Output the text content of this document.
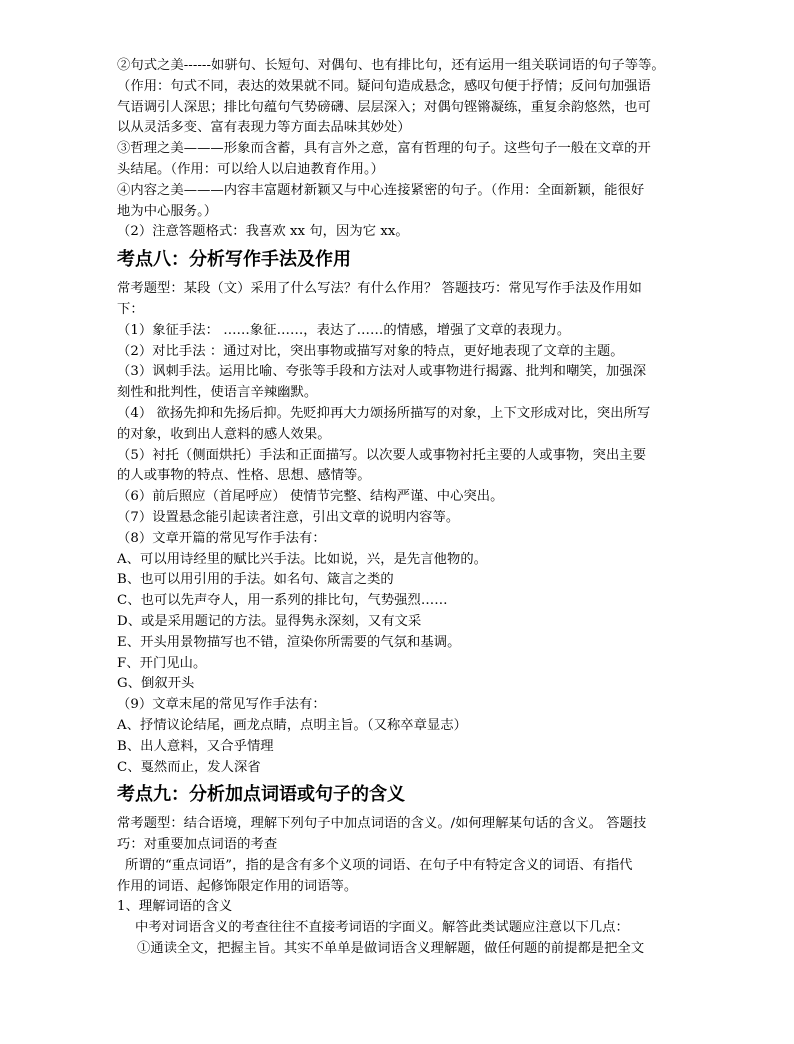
②句式之美------如骈句、长短句、对偶句、也有排比句，还有运用一组关联词语的句子等等。
（作用：句式不同，表达的效果就不同。疑问句造成悬念，感叹句便于抒情；反问句加强语
气语调引人深思；排比句蕴句气势磅礴、层层深入；对偶句铿锵凝练，重复余韵悠然，也可
以从灵活多变、富有表现力等方面去品味其妙处）
③哲理之美———形象而含蓄，具有言外之意，富有哲理的句子。这些句子一般在文章的开
头结尾。（作用：可以给人以启迪教育作用。）
④内容之美———内容丰富题材新颖又与中心连接紧密的句子。（作用：全面新颖，能很好
地为中心服务。）
（2）注意答题格式：我喜欢 xx 句，因为它 xx。
考点八：分析写作手法及作用
常考题型：某段（文）采用了什么写法？有什么作用？ 答题技巧：常见写作手法及作用如
下：
（1）象征手法： ……象征……，表达了……的情感，增强了文章的表现力。
（2）对比手法 ：通过对比，突出事物或描写对象的特点，更好地表现了文章的主题。
（3）讽刺手法。运用比喻、夸张等手段和方法对人或事物进行揭露、批判和嘲笑，加强深
刻性和批判性，使语言辛辣幽默。
（4） 欲扬先抑和先扬后抑。先贬抑再大力颂扬所描写的对象，上下文形成对比，突出所写
的对象，收到出人意料的感人效果。
（5）衬托（侧面烘托）手法和正面描写。以次要人或事物衬托主要的人或事物，突出主要
的人或事物的特点、性格、思想、感情等。
（6）前后照应（首尾呼应） 使情节完整、结构严谨、中心突出。
（7）设置悬念能引起读者注意，引出文章的说明内容等。
（8）文章开篇的常见写作手法有：
A、可以用诗经里的赋比兴手法。比如说，兴，是先言他物的。
B、也可以用引用的手法。如名句、箴言之类的
C、也可以先声夺人，用一系列的排比句，气势强烈……
D、或是采用题记的方法。显得隽永深刻，又有文采
E、开头用景物描写也不错，渲染你所需要的气氛和基调。
F、开门见山。
G、倒叙开头
（9）文章末尾的常见写作手法有：
A、抒情议论结尾，画龙点睛，点明主旨。（又称卒章显志）
B、出人意料，又合乎情理
C、戛然而止，发人深省
考点九：分析加点词语或句子的含义
常考题型：结合语境，理解下列句子中加点词语的含义。/如何理解某句话的含义。 答题技
巧：对重要加点词语的考查
所谓的“重点词语”，指的是含有多个义项的词语、在句子中有特定含义的词语、有指代
作用的词语、起修饰限定作用的词语等。
1、理解词语的含义
中考对词语含义的考查往往不直接考词语的字面义。解答此类试题应注意以下几点：
①通读全文，把握主旨。其实不单单是做词语含义理解题，做任何题的前提都是把全文
